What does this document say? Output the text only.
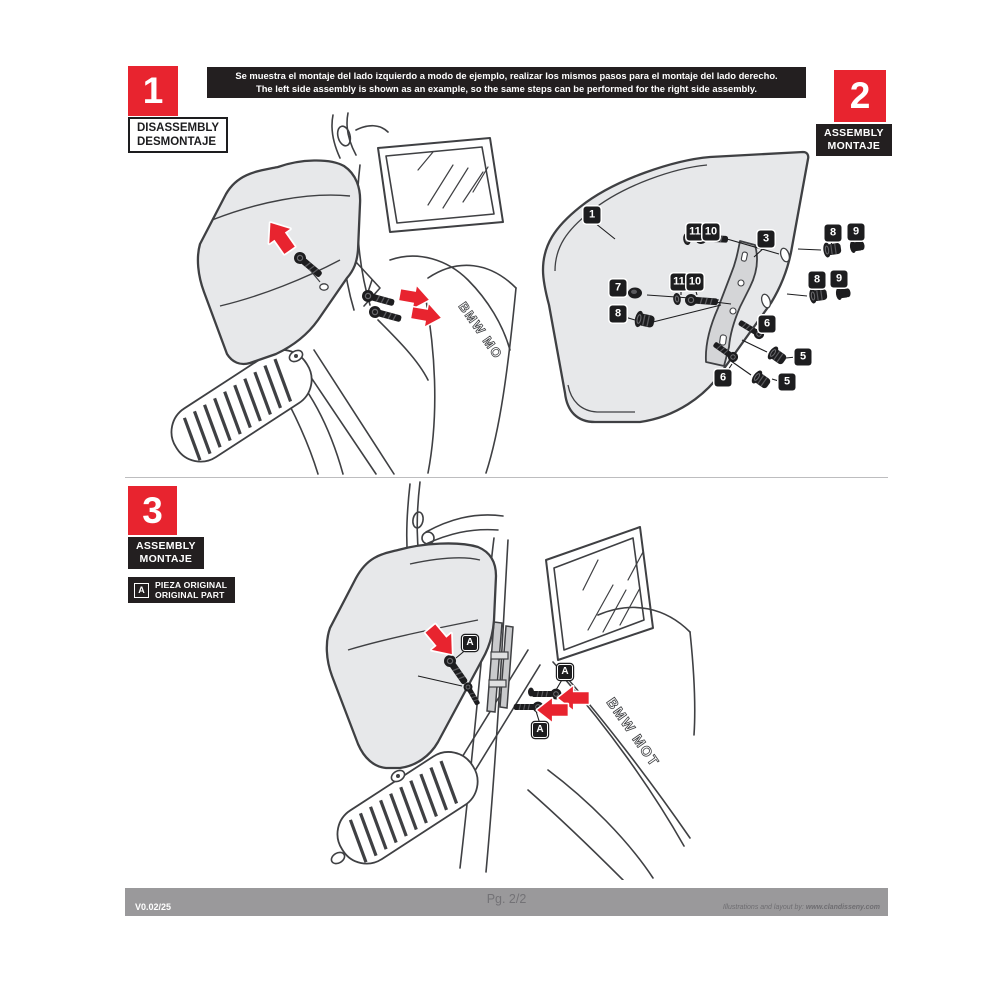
Se muestra el montaje del lado izquierdo a modo de ejemplo, realizar los mismos pasos para el montaje del lado derecho.
The left side assembly is shown as an example, so the same steps can be performed for the right side assembly.
1
DISASSEMBLY
DESMONTAJE
2
ASSEMBLY
MONTAJE
3
ASSEMBLY
MONTAJE
A	PIEZA ORIGINAL
ORIGINAL PART
BMW MO
1
11 10
3	8	9
7	11 10	8	9
8
6
5
6	5
BMW MOT
A
A
A
V0.02/25
Pg. 2/2
Illustrations and layout by: www.clandisseny.com
